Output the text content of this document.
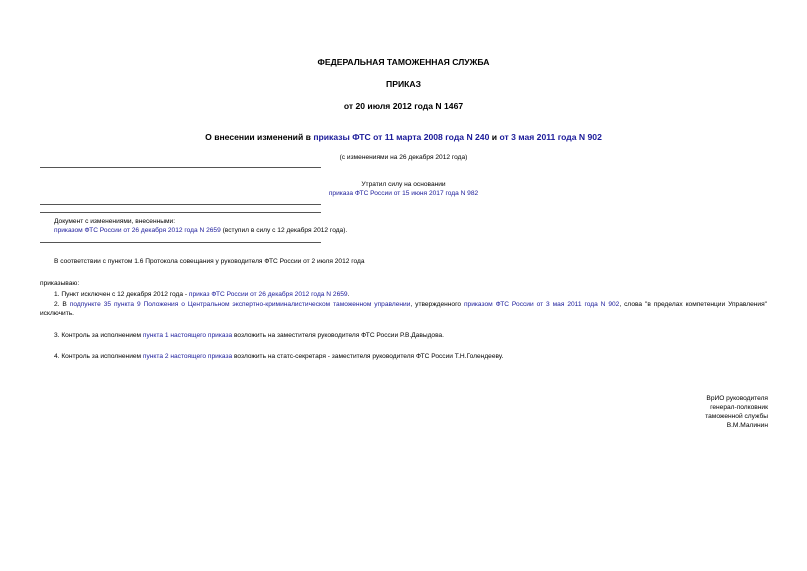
ФЕДЕРАЛЬНАЯ ТАМОЖЕННАЯ СЛУЖБА
ПРИКАЗ
от 20 июля 2012 года N 1467
О внесении изменений в приказы ФТС от 11 марта 2008 года N 240 и от 3 мая 2011 года N 902
(с изменениями на 26 декабря 2012 года)
Утратил силу на основании
приказа ФТС России от 15 июня 2017 года N 982
Документ с изменениями, внесенными:
приказом ФТС России от 26 декабря 2012 года N 2659 (вступил в силу с 12 декабря 2012 года).
В соответствии с пунктом 1.6 Протокола совещания у руководителя ФТС России от 2 июля 2012 года
приказываю:
1. Пункт исключен с 12 декабря 2012 года - приказ ФТС России от 26 декабря 2012 года N 2659.
2. В подпункте 35 пункта 9 Положения о Центральном экспертно-криминалистическом таможенном управлении, утвержденного приказом ФТС России от 3 мая 2011 года N 902, слова "в пределах компетенции Управления" исключить.
3. Контроль за исполнением пункта 1 настоящего приказа возложить на заместителя руководителя ФТС России Р.В.Давыдова.
4. Контроль за исполнением пункта 2 настоящего приказа возложить на статс-секретаря - заместителя руководителя ФТС России Т.Н.Голендееву.
ВрИО руководителя
генерал-полковник
таможенной службы
В.М.Малинин
